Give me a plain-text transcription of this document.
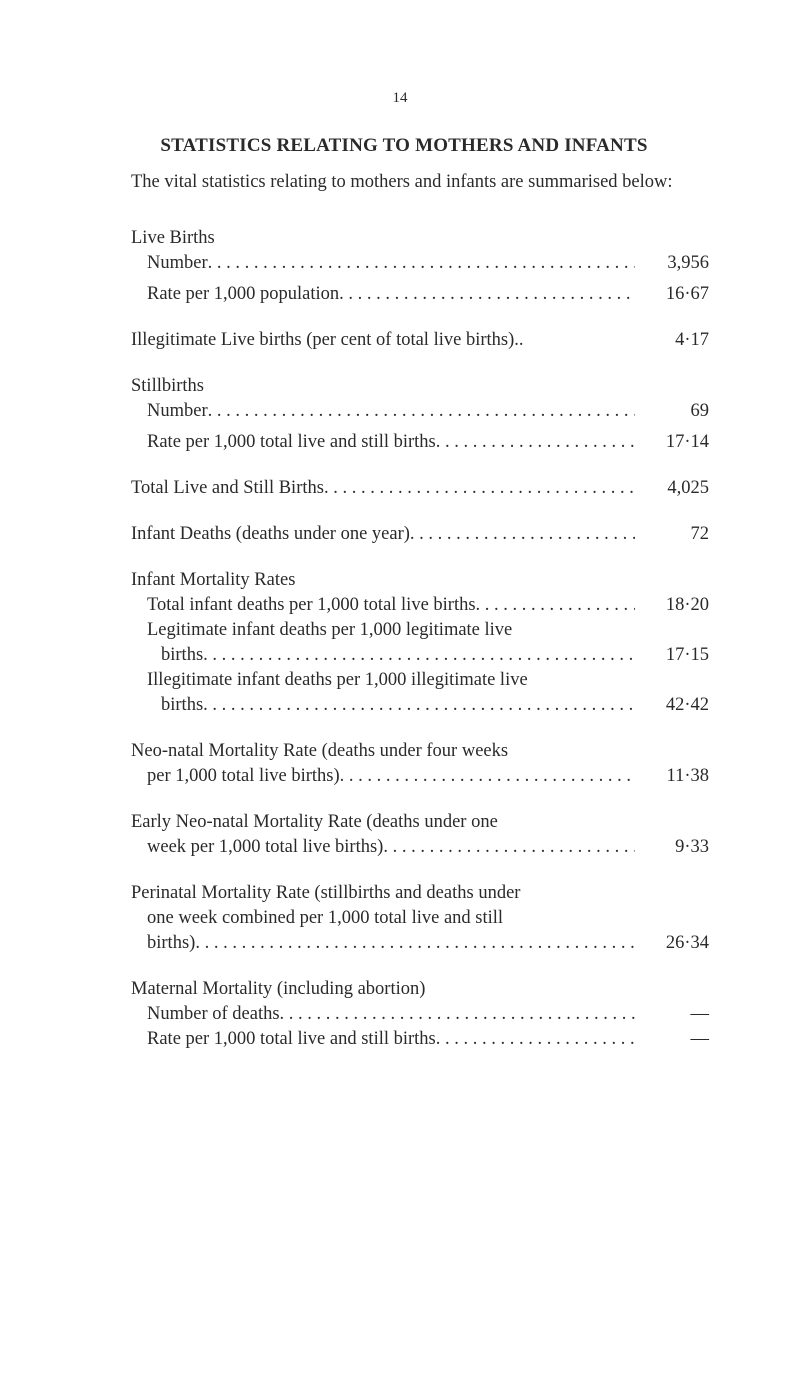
14
STATISTICS RELATING TO MOTHERS AND INFANTS

The vital statistics relating to mothers and infants are summarised below:

Live Births
Number . . .	3,956
Rate per 1,000 population . . .	16·67
Illegitimate Live births (per cent of total live births)..	4·17
Stillbirths
Number . . .	69
Rate per 1,000 total live and still births . . .	17·14
Total Live and Still Births . . .	4,025
Infant Deaths (deaths under one year) . . .	72
Infant Mortality Rates
Total infant deaths per 1,000 total live births . . .	18·20
Legitimate infant deaths per 1,000 legitimate live
births . . .	17·15
Illegitimate infant deaths per 1,000 illegitimate live
births . . .	42·42
Neo-natal Mortality Rate (deaths under four weeks
per 1,000 total live births) . . .	11·38
Early Neo-natal Mortality Rate (deaths under one
week per 1,000 total live births) . . .	9·33
Perinatal Mortality Rate (stillbirths and deaths under
one week combined per 1,000 total live and still
births) . . .	26·34
Maternal Mortality (including abortion)
Number of deaths . . .	—
Rate per 1,000 total live and still births . . .	—
